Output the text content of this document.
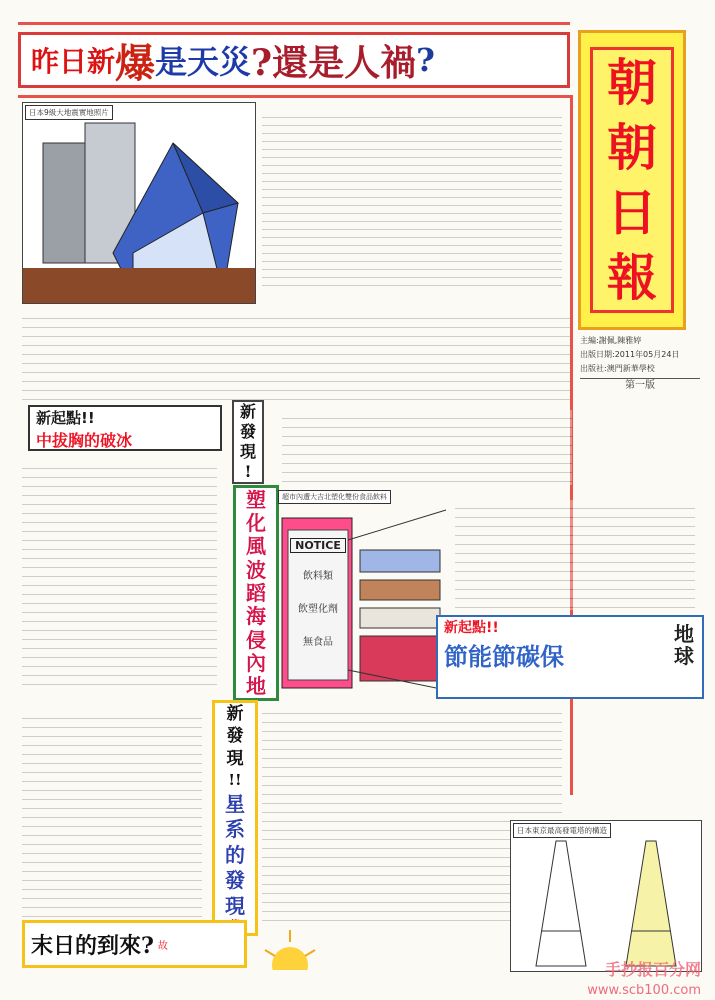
昨日新 爆 是天災 ?還是人禍 ?	朝
朝
日
報
主編:謝佩,陳雅婷
出版日期:2011年05月24日
出版社:澳門新華學校
第一版
日本9級大地震實地照片
新起點!!
中拔胸的破冰
新
發
現
!
塑
化
風
波
蹈
海
侵
內
地
超市內遭大吉北塑化雙份食品飲料
NOTICE
飲料類
飲塑化劑
無食品
新起點!!
節能節碳保
地球
新
發
現
!!
星
系
的
發
現
日本東京最高發電塔的構造
末日的到來? 故
手抄报百分网
www.scb100.com
